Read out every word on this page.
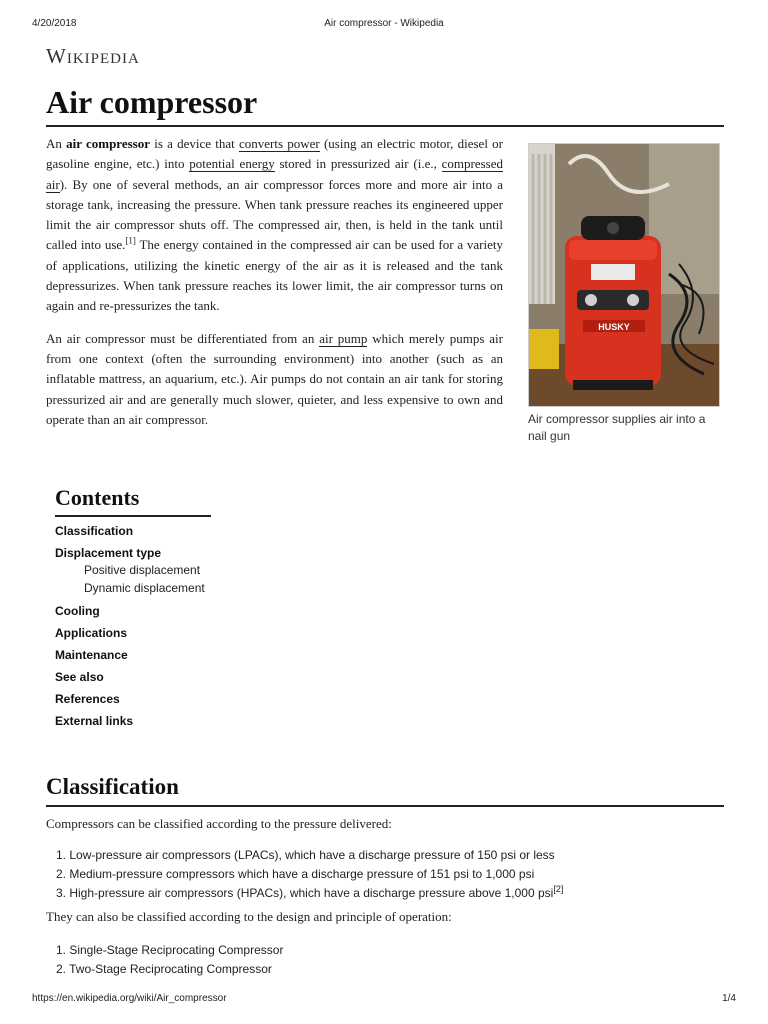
4/20/2018	Air compressor - Wikipedia
Wikipedia
Air compressor

An air compressor is a device that converts power (using an electric motor, diesel or gasoline engine, etc.) into potential energy stored in pressurized air (i.e., compressed air). By one of several methods, an air compressor forces more and more air into a storage tank, increasing the pressure. When tank pressure reaches its engineered upper limit the air compressor shuts off. The compressed air, then, is held in the tank until called into use.[1] The energy contained in the compressed air can be used for a variety of applications, utilizing the kinetic energy of the air as it is released and the tank depressurizes. When tank pressure reaches its lower limit, the air compressor turns on again and re-pressurizes the tank.

An air compressor must be differentiated from an air pump which merely pumps air from one context (often the surrounding environment) into another (such as an inflatable mattress, an aquarium, etc.). Air pumps do not contain an air tank for storing pressurized air and are generally much slower, quieter, and less expensive to own and operate than an air compressor.

HUSKY
Air compressor supplies air into a nail gun
Contents
Classification
Displacement type
Positive displacement
Dynamic displacement
Cooling
Applications
Maintenance
See also
References
External links
Classification

Compressors can be classified according to the pressure delivered:

1. Low-pressure air compressors (LPACs), which have a discharge pressure of 150 psi or less
2. Medium-pressure compressors which have a discharge pressure of 151 psi to 1,000 psi
3. High-pressure air compressors (HPACs), which have a discharge pressure above 1,000 psi[2]

They can also be classified according to the design and principle of operation:

1. Single-Stage Reciprocating Compressor
2. Two-Stage Reciprocating Compressor
https://en.wikipedia.org/wiki/Air_compressor	1/4
